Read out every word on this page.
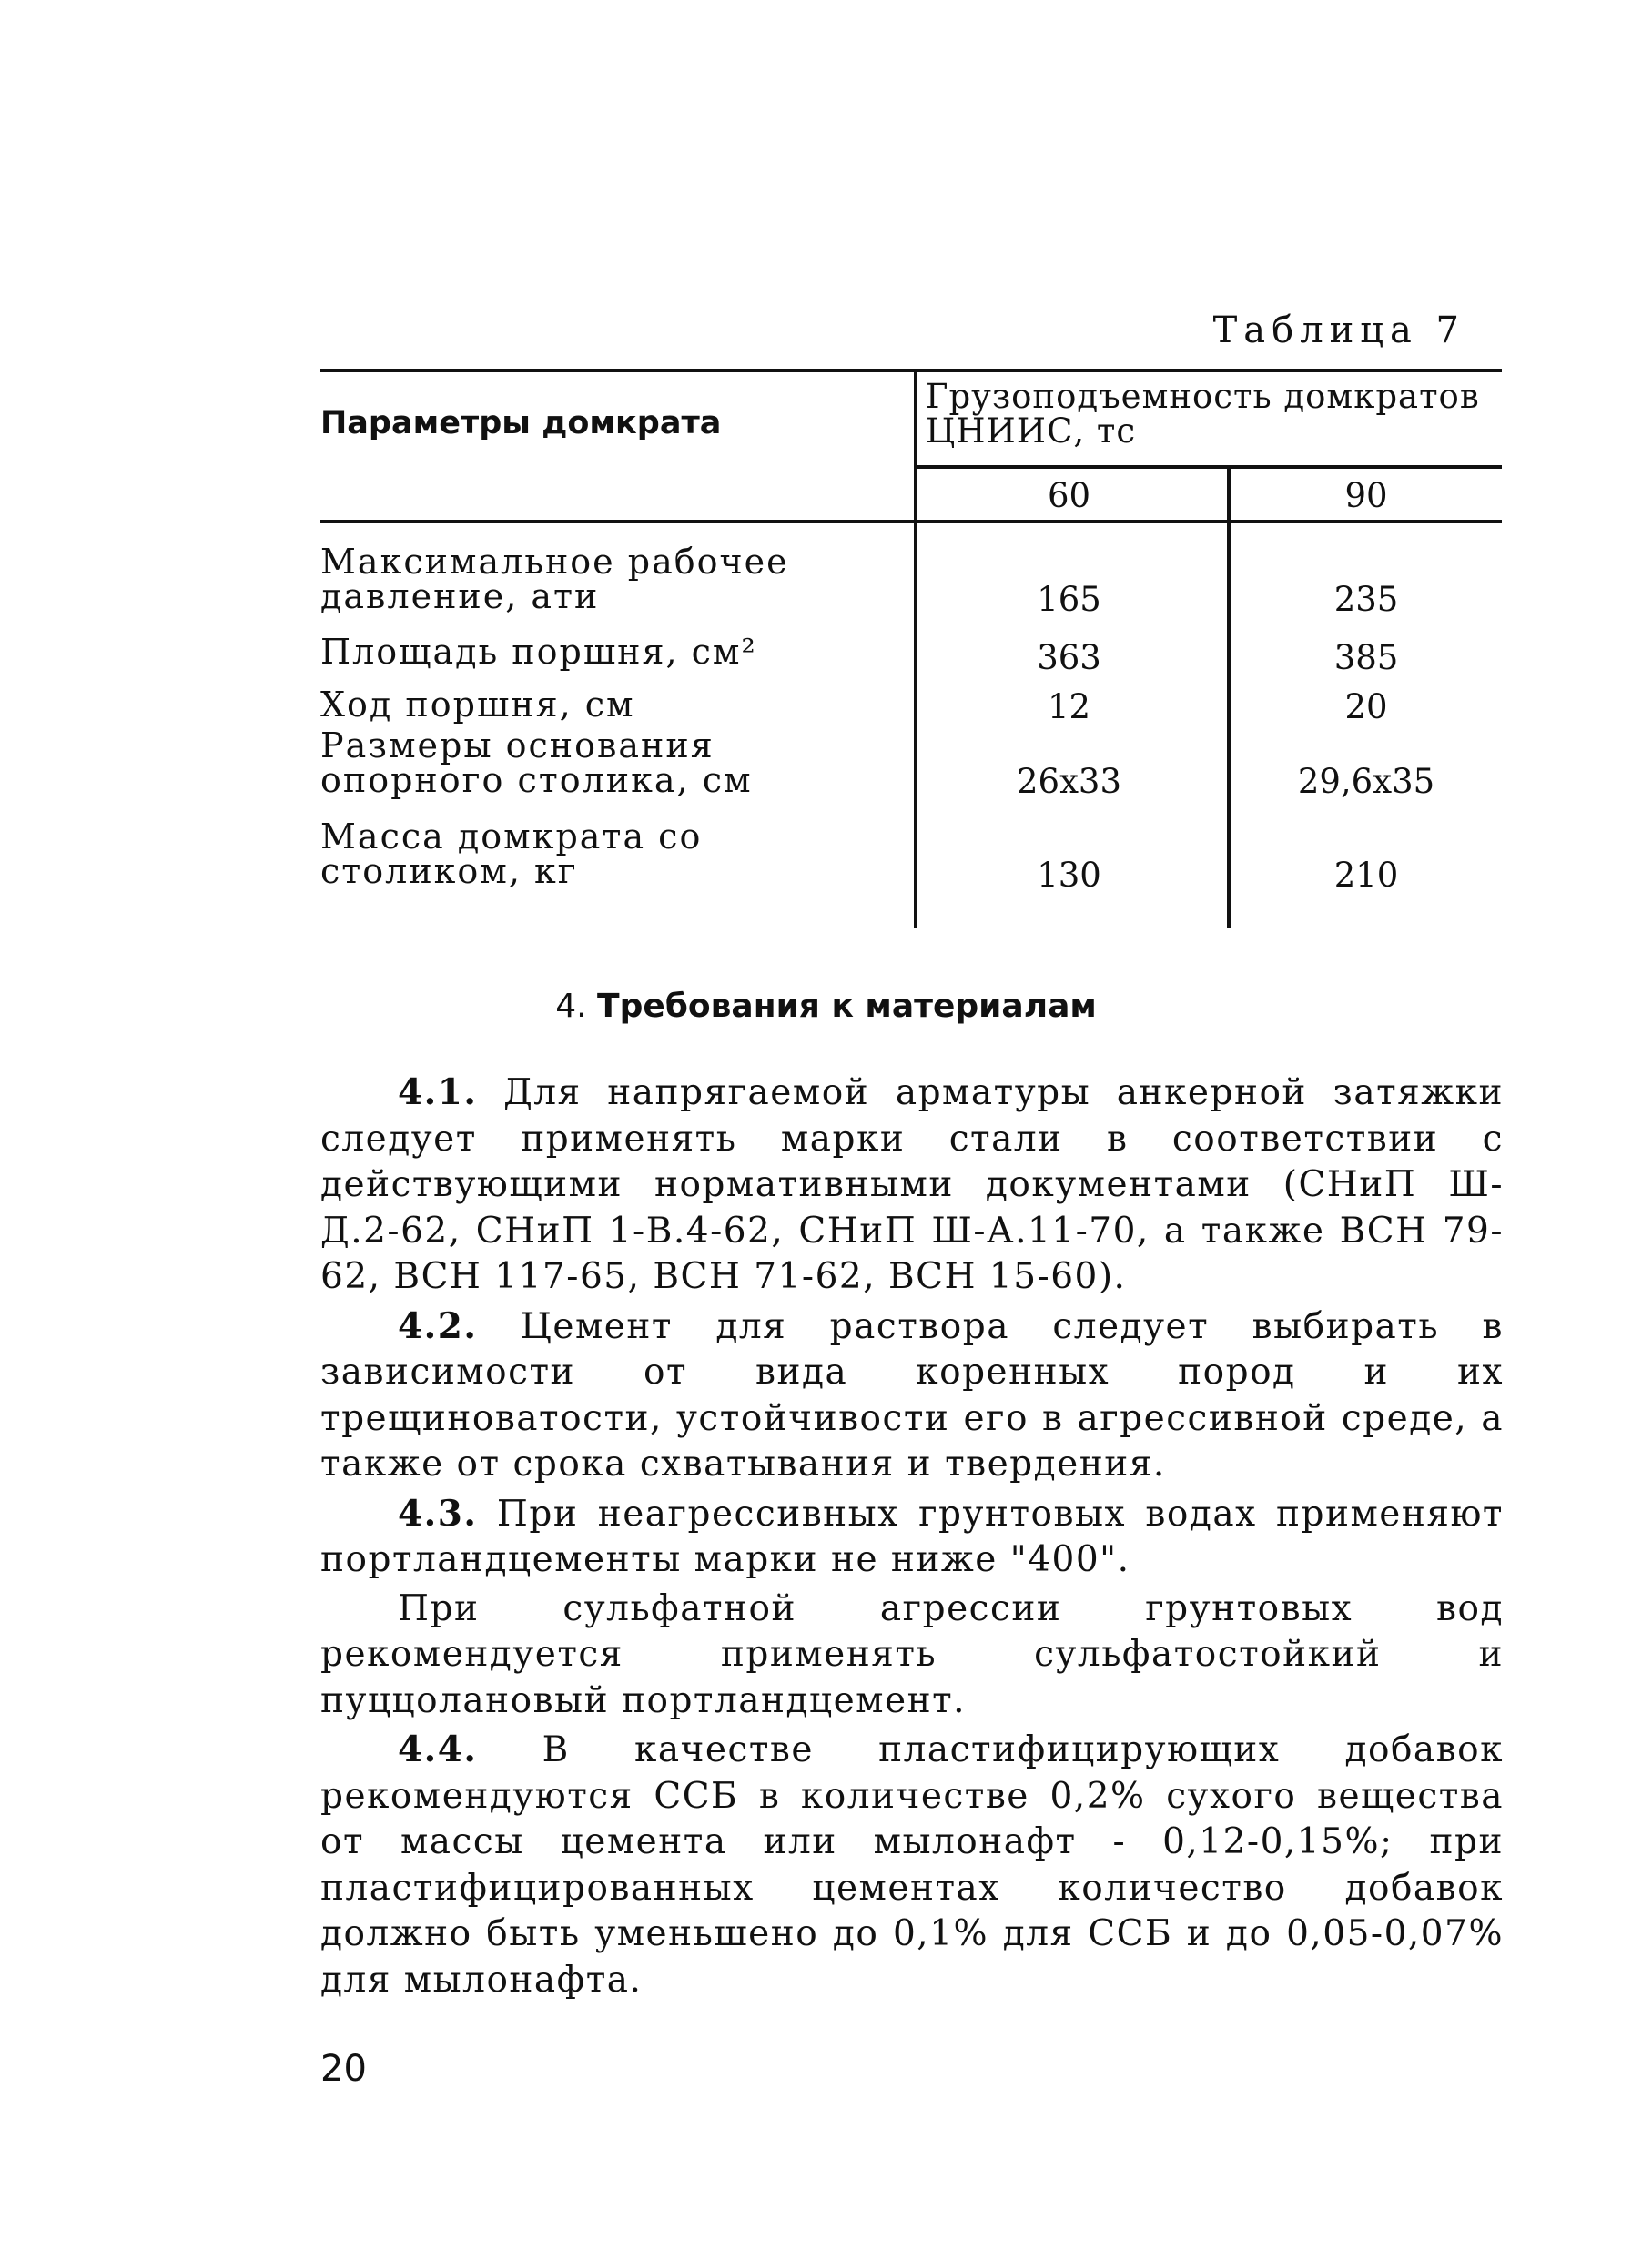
Таблица 7
Параметры домкрата
Грузоподъемность домкратов ЦНИИС, тс
60	90
Максимальное рабочее давление, ати	165	235
Площадь поршня, см²	363	385
Ход поршня, см	12	20
Размеры основания опорного столика, см	26x33	29,6x35
Масса домкрата со столиком, кг	130	210
4. Требования к материалам

4.1. Для напрягаемой арматуры анкерной затяжки следует применять марки стали в соответствии с действующими нормативными документами (СНиП Ш-Д.2-62, СНиП 1-В.4-62, СНиП Ш-А.11-70, а также ВСН 79-62, ВСН 117-65, ВСН 71-62, ВСН 15-60).

4.2. Цемент для раствора следует выбирать в зависимости от вида коренных пород и их трещиноватости, устойчивости его в агрессивной среде, а также от срока схватывания и твердения.

4.3. При неагрессивных грунтовых водах применяют портландцементы марки не ниже "400".

При сульфатной агрессии грунтовых вод рекомендуется применять сульфатостойкий и пуццолановый портландцемент.

4.4. В качестве пластифицирующих добавок рекомендуются ССБ в количестве 0,2% сухого вещества от массы цемента или мылонафт - 0,12-0,15%; при пластифицированных цементах количество добавок должно быть уменьшено до 0,1% для ССБ и до 0,05-0,07% для мылонафта.

20
